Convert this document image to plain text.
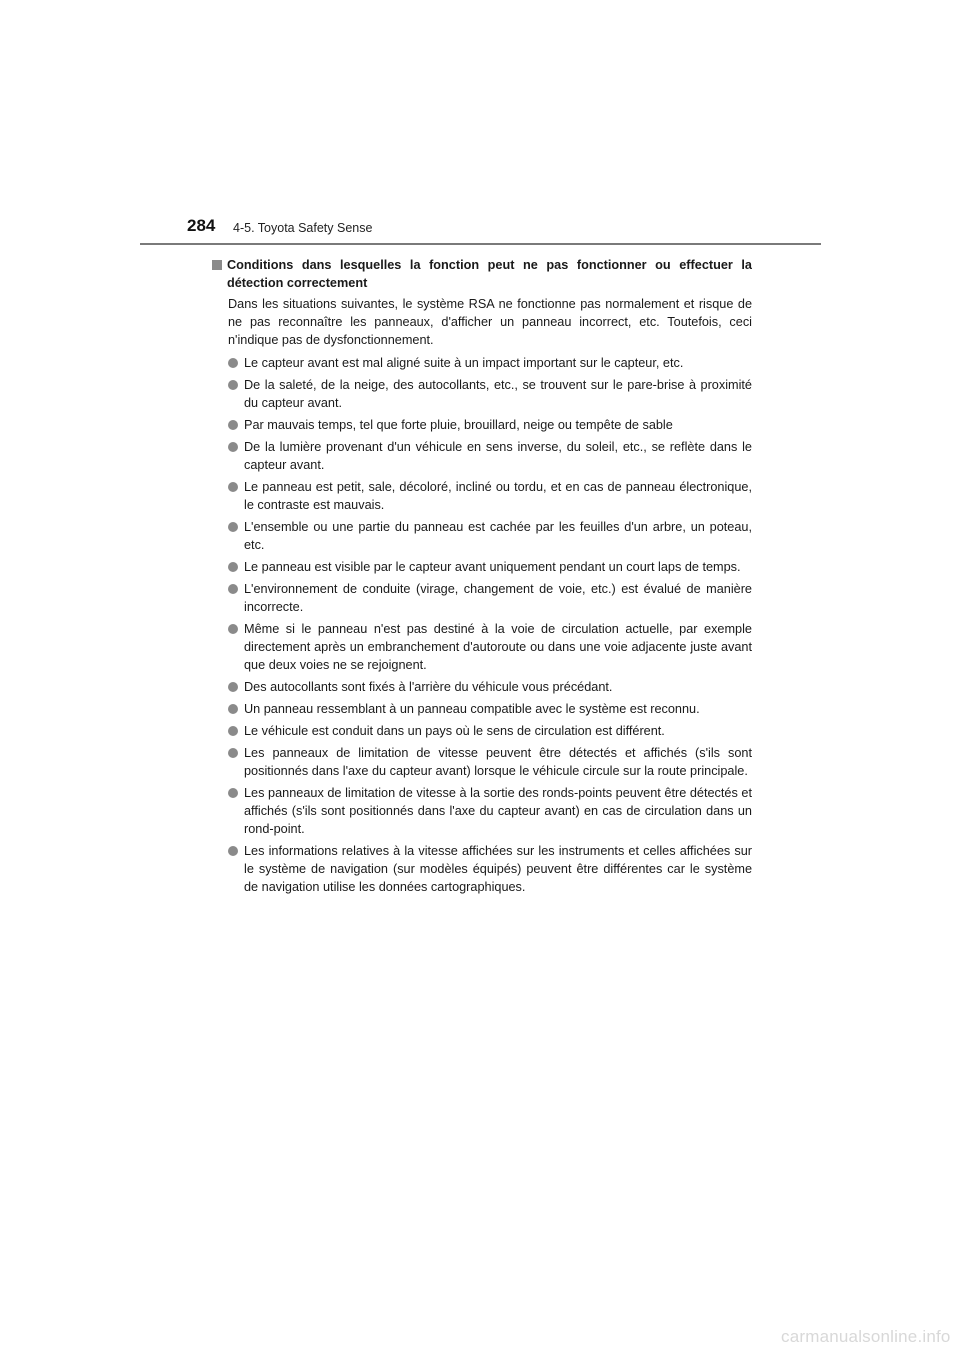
284 4-5. Toyota Safety Sense
Conditions dans lesquelles la fonction peut ne pas fonctionner ou effectuer la détection correctement

Dans les situations suivantes, le système RSA ne fonctionne pas normalement et risque de ne pas reconnaître les panneaux, d'afficher un panneau incorrect, etc. Toutefois, ceci n'indique pas de dysfonctionnement.

Le capteur avant est mal aligné suite à un impact important sur le capteur, etc.
De la saleté, de la neige, des autocollants, etc., se trouvent sur le pare-brise à proximité du capteur avant.
Par mauvais temps, tel que forte pluie, brouillard, neige ou tempête de sable
De la lumière provenant d'un véhicule en sens inverse, du soleil, etc., se reflète dans le capteur avant.
Le panneau est petit, sale, décoloré, incliné ou tordu, et en cas de panneau électronique, le contraste est mauvais.
L'ensemble ou une partie du panneau est cachée par les feuilles d'un arbre, un poteau, etc.
Le panneau est visible par le capteur avant uniquement pendant un court laps de temps.
L'environnement de conduite (virage, changement de voie, etc.) est évalué de manière incorrecte.
Même si le panneau n'est pas destiné à la voie de circulation actuelle, par exemple directement après un embranchement d'autoroute ou dans une voie adjacente juste avant que deux voies ne se rejoignent.
Des autocollants sont fixés à l'arrière du véhicule vous précédant.
Un panneau ressemblant à un panneau compatible avec le système est reconnu.
Le véhicule est conduit dans un pays où le sens de circulation est différent.
Les panneaux de limitation de vitesse peuvent être détectés et affichés (s'ils sont positionnés dans l'axe du capteur avant) lorsque le véhicule circule sur la route principale.
Les panneaux de limitation de vitesse à la sortie des ronds-points peuvent être détectés et affichés (s'ils sont positionnés dans l'axe du capteur avant) en cas de circulation dans un rond-point.
Les informations relatives à la vitesse affichées sur les instruments et celles affichées sur le système de navigation (sur modèles équipés) peuvent être différentes car le système de navigation utilise les données cartographiques.
carmanualsonline.info
